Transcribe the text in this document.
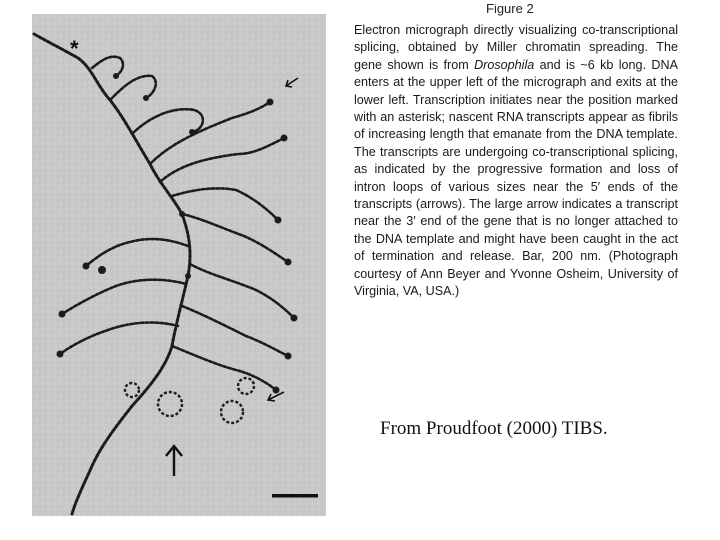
*
Figure 2
Electron micrograph directly visualizing co-transcriptional splicing, obtained by Miller chromatin spreading. The gene shown is from Drosophila and is ~6 kb long. DNA enters at the upper left of the micrograph and exits at the lower left. Transcription initiates near the position marked with an asterisk; nascent RNA transcripts appear as fibrils of increasing length that emanate from the DNA template. The transcripts are undergoing co-transcriptional splicing, as indicated by the progressive formation and loss of intron loops of various sizes near the 5′ ends of the transcripts (arrows). The large arrow indicates a transcript near the 3′ end of the gene that is no longer attached to the DNA template and might have been caught in the act of termination and release. Bar, 200 nm. (Photograph courtesy of Ann Beyer and Yvonne Osheim, University of Virginia, VA, USA.)
From Proudfoot (2000) TIBS.
